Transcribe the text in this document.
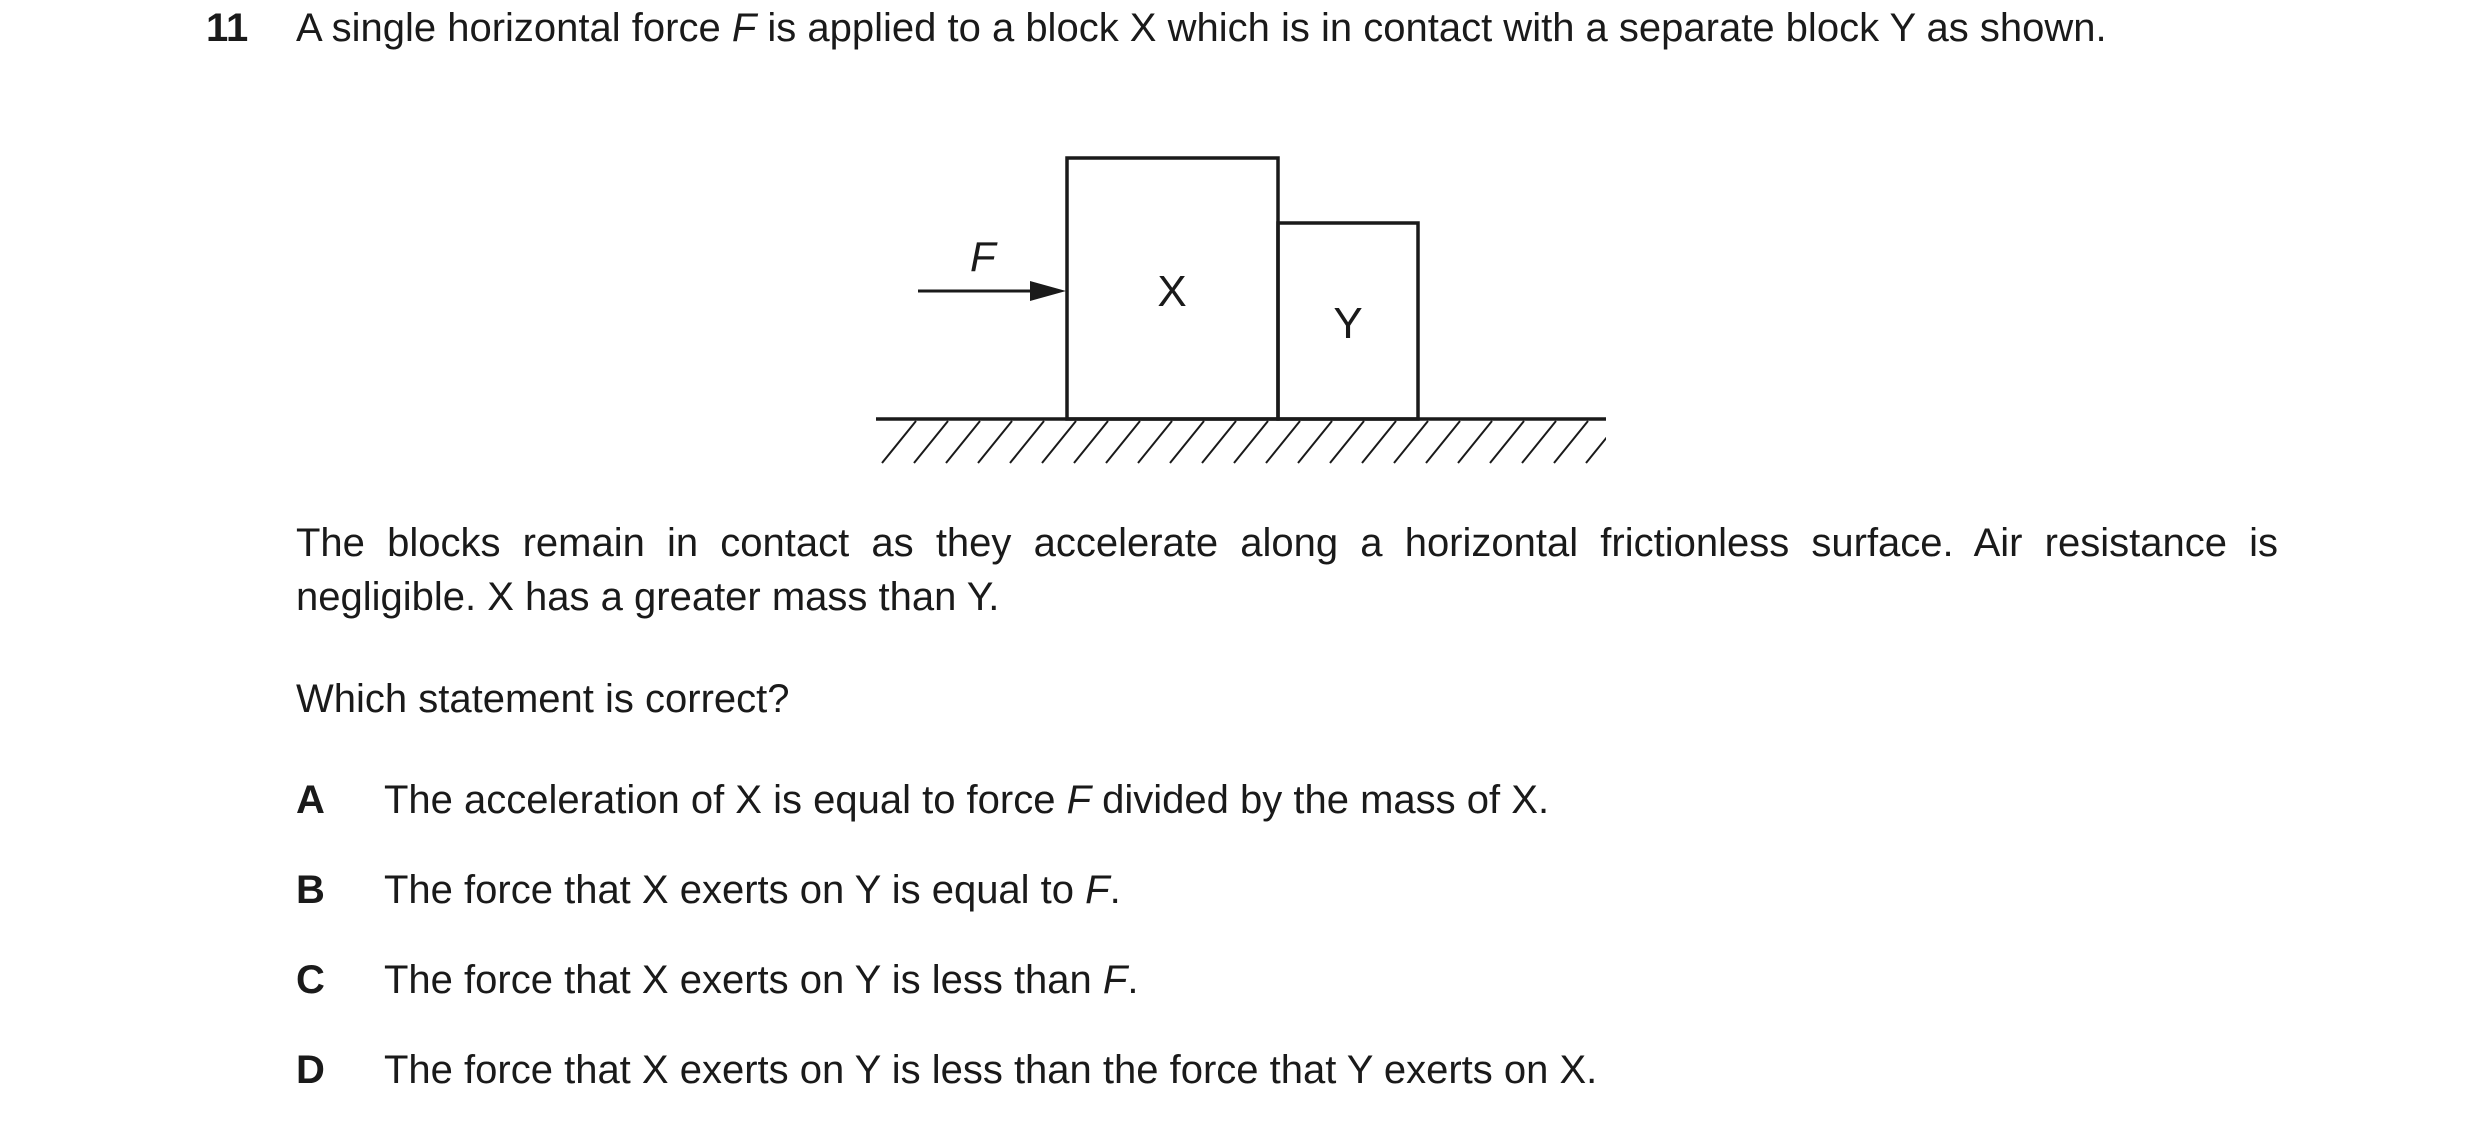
11 A single horizontal force F is applied to a block X which is in contact with a separate block Y as shown.
F
X
Y
The blocks remain in contact as they accelerate along a horizontal frictionless surface. Air resistance is negligible. X has a greater mass than Y.
Which statement is correct?
A The acceleration of X is equal to force F divided by the mass of X.
B The force that X exerts on Y is equal to F.
C The force that X exerts on Y is less than F.
D The force that X exerts on Y is less than the force that Y exerts on X.
